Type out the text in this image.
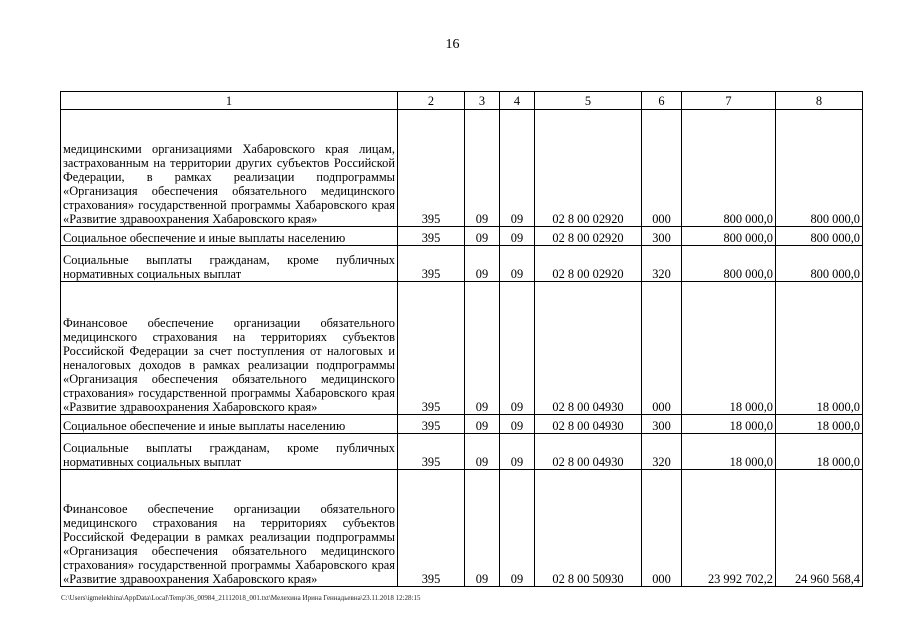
16
1	2	3	4	5	6	7	8
медицинскими организациями Хабаровского края лицам, застрахованным на территории других субъектов Российской Федерации, в рамках реализации подпрограммы «Организация обеспечения обязательного медицинского страхования» государственной программы Хабаровского края «Развитие здравоохранения Хабаровского края»	395	09	09	02 8 00 02920	000	800 000,0	800 000,0
Социальное обеспечение и иные выплаты населению	395	09	09	02 8 00 02920	300	800 000,0	800 000,0
Социальные выплаты гражданам, кроме публичных нормативных социальных выплат	395	09	09	02 8 00 02920	320	800 000,0	800 000,0
Финансовое обеспечение организации обязательного медицинского страхования на территориях субъектов Российской Федерации за счет поступления от налоговых и неналоговых доходов в рамках реализации подпрограммы «Организация обеспечения обязательного медицинского страхования» государственной программы Хабаровского края «Развитие здравоохранения Хабаровского края»	395	09	09	02 8 00 04930	000	18 000,0	18 000,0
Социальное обеспечение и иные выплаты населению	395	09	09	02 8 00 04930	300	18 000,0	18 000,0
Социальные выплаты гражданам, кроме публичных нормативных социальных выплат	395	09	09	02 8 00 04930	320	18 000,0	18 000,0
Финансовое обеспечение организации обязательного медицинского страхования на территориях субъектов Российской Федерации в рамках реализации подпрограммы «Организация обеспечения обязательного медицинского страхования» государственной программы Хабаровского края «Развитие здравоохранения Хабаровского края»	395	09	09	02 8 00 50930	000	23 992 702,2	24 960 568,4
C:\Users\igmelekhina\AppData\Local\Temp\36_00984_21112018_001.txt\Мелехина Ирина Геннадьевна\23.11.2018 12:28:15
